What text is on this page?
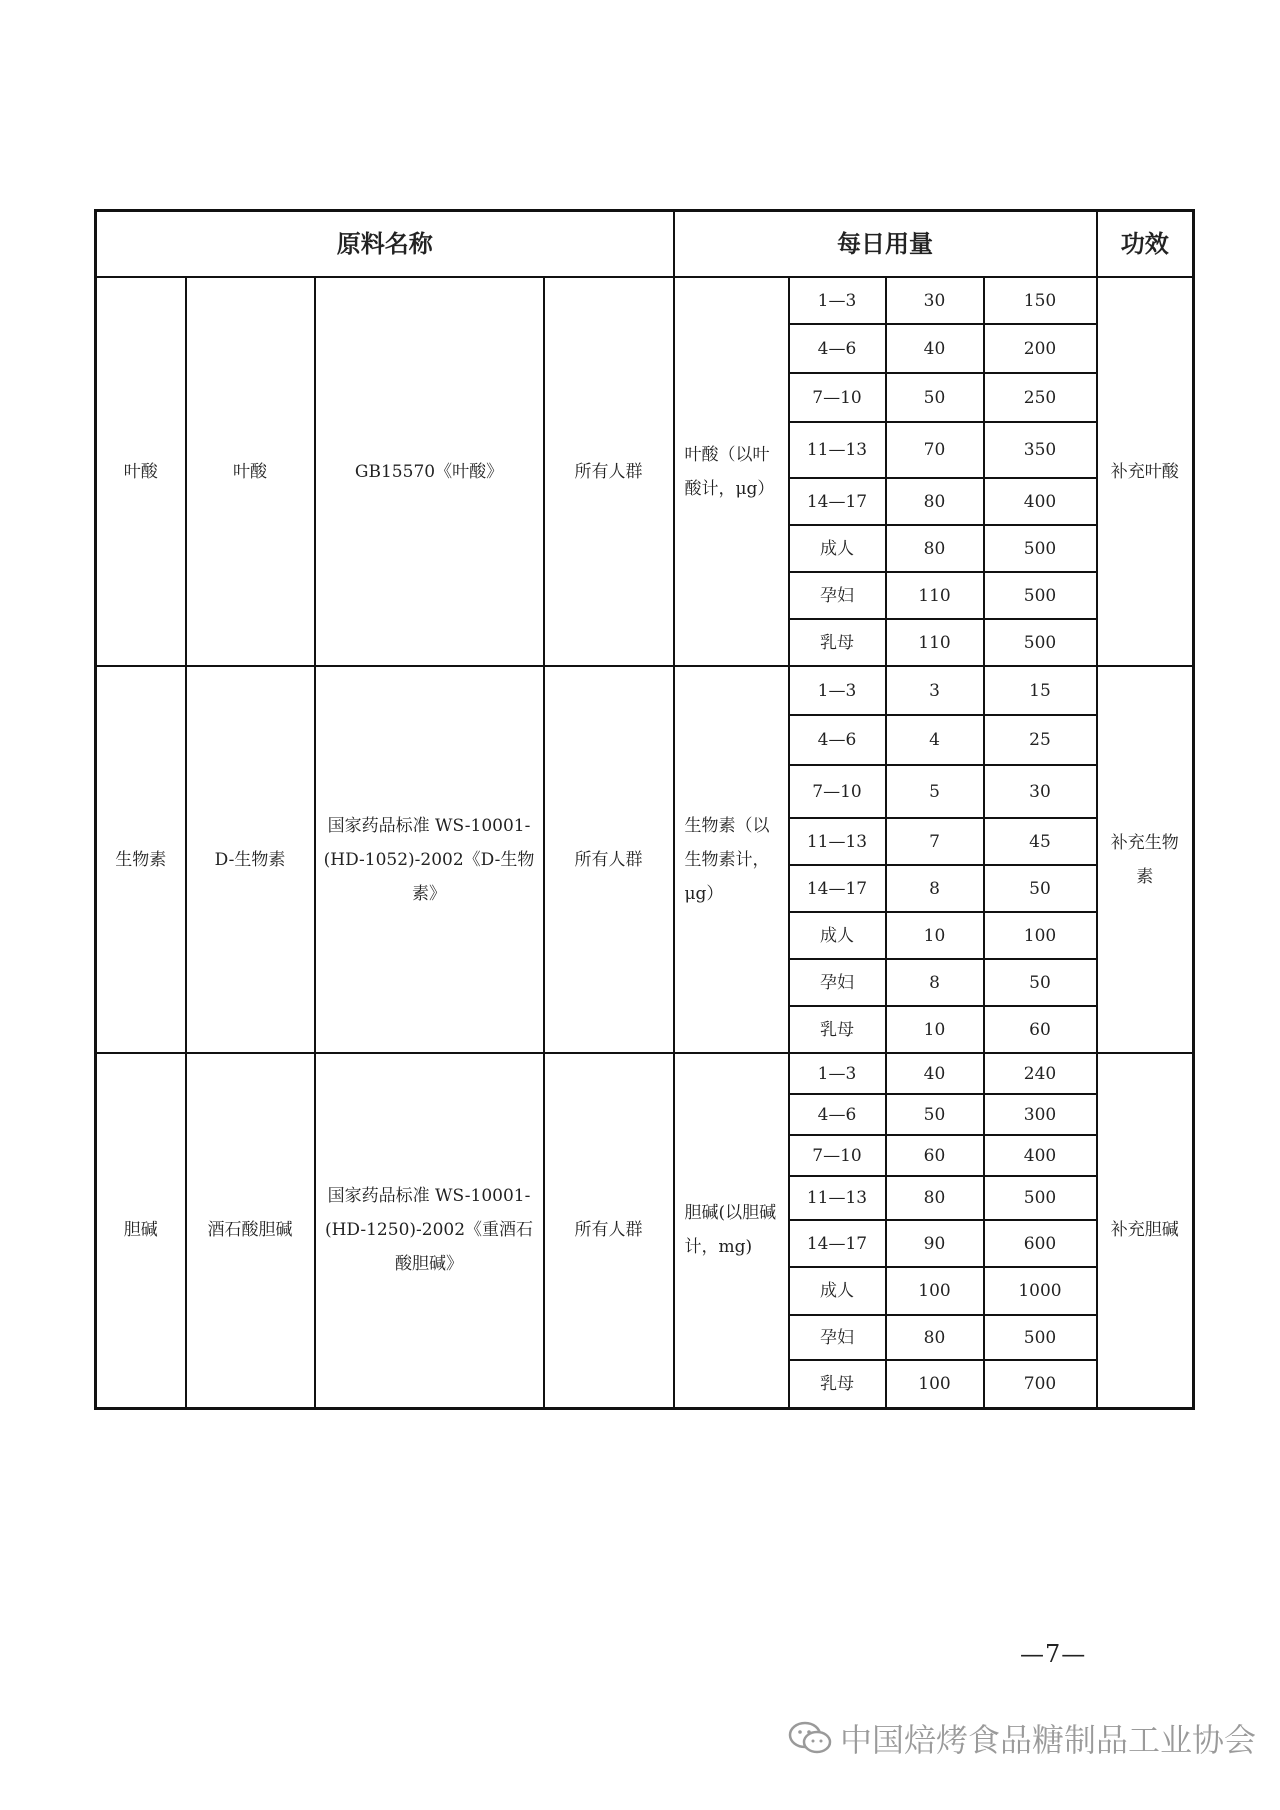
原料名称				每日用量				功效
叶酸	叶酸	GB15570《叶酸》	所有人群	叶酸（以叶酸计，μg）	1—3	30	150	补充叶酸
					4—6	40	200	
					7—10	50	250	
					11—13	70	350	
					14—17	80	400	
					成人	80	500	
					孕妇	110	500	
					乳母	110	500	
生物素	D-生物素	国家药品标准 WS-10001-(HD-1052)-2002《D-生物素》	所有人群	生物素（以生物素计，μg）	1—3	3	15	补充生物素
					4—6	4	25	
					7—10	5	30	
					11—13	7	45	
					14—17	8	50	
					成人	10	100	
					孕妇	8	50	
					乳母	10	60	
胆碱	酒石酸胆碱	国家药品标准 WS-10001-(HD-1250)-2002《重酒石酸胆碱》	所有人群	胆碱(以胆碱计，mg)	1—3	40	240	补充胆碱
					4—6	50	300	
					7—10	60	400	
					11—13	80	500	
					14—17	90	600	
					成人	100	1000	
					孕妇	80	500	
					乳母	100	700	
—7—
中国焙烤食品糖制品工业协会
